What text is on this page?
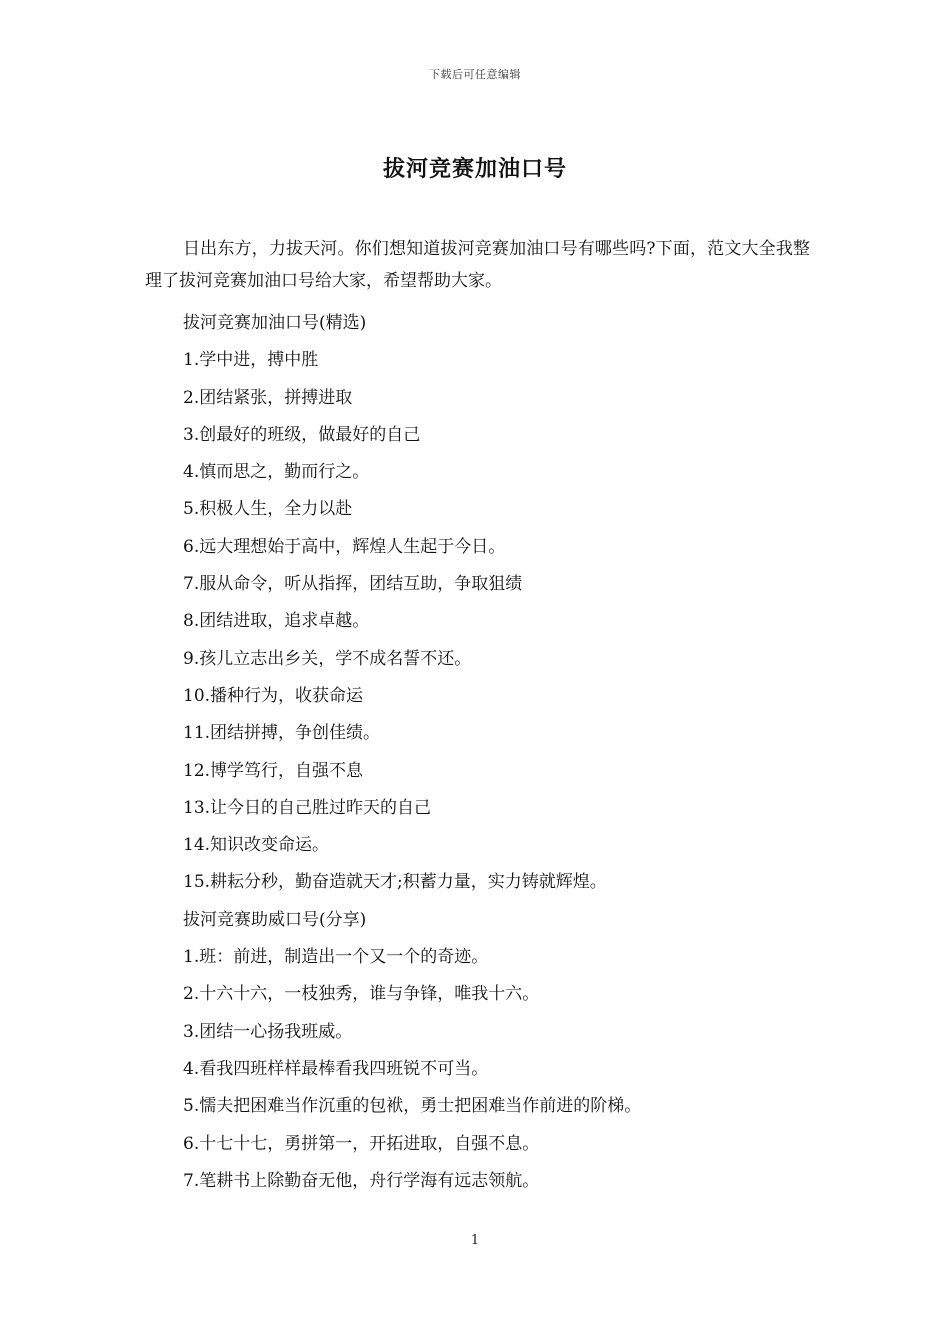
下载后可任意编辑
拔河竞赛加油口号

日出东方，力拔天河。你们想知道拔河竞赛加油口号有哪些吗?下面，范文大全我整理了拔河竞赛加油口号给大家，希望帮助大家。

拔河竞赛加油口号(精选)

1.学中进，搏中胜

2.团结紧张，拼搏进取

3.创最好的班级，做最好的自己

4.慎而思之，勤而行之。

5.积极人生，全力以赴

6.远大理想始于高中，辉煌人生起于今日。

7.服从命令，听从指挥，团结互助，争取狙绩

8.团结进取，追求卓越。

9.孩儿立志出乡关，学不成名誓不还。

10.播种行为，收获命运

11.团结拼搏，争创佳绩。

12.博学笃行，自强不息

13.让今日的自己胜过昨天的自己

14.知识改变命运。

15.耕耘分秒，勤奋造就天才;积蓄力量，实力铸就辉煌。

拔河竞赛助威口号(分享)

1.班：前进，制造出一个又一个的奇迹。

2.十六十六，一枝独秀，谁与争锋，唯我十六。

3.团结一心扬我班威。

4.看我四班样样最棒看我四班锐不可当。

5.懦夫把困难当作沉重的包袱，勇士把困难当作前进的阶梯。

6.十七十七，勇拼第一，开拓进取，自强不息。

7.笔耕书上除勤奋无他，舟行学海有远志领航。

1
